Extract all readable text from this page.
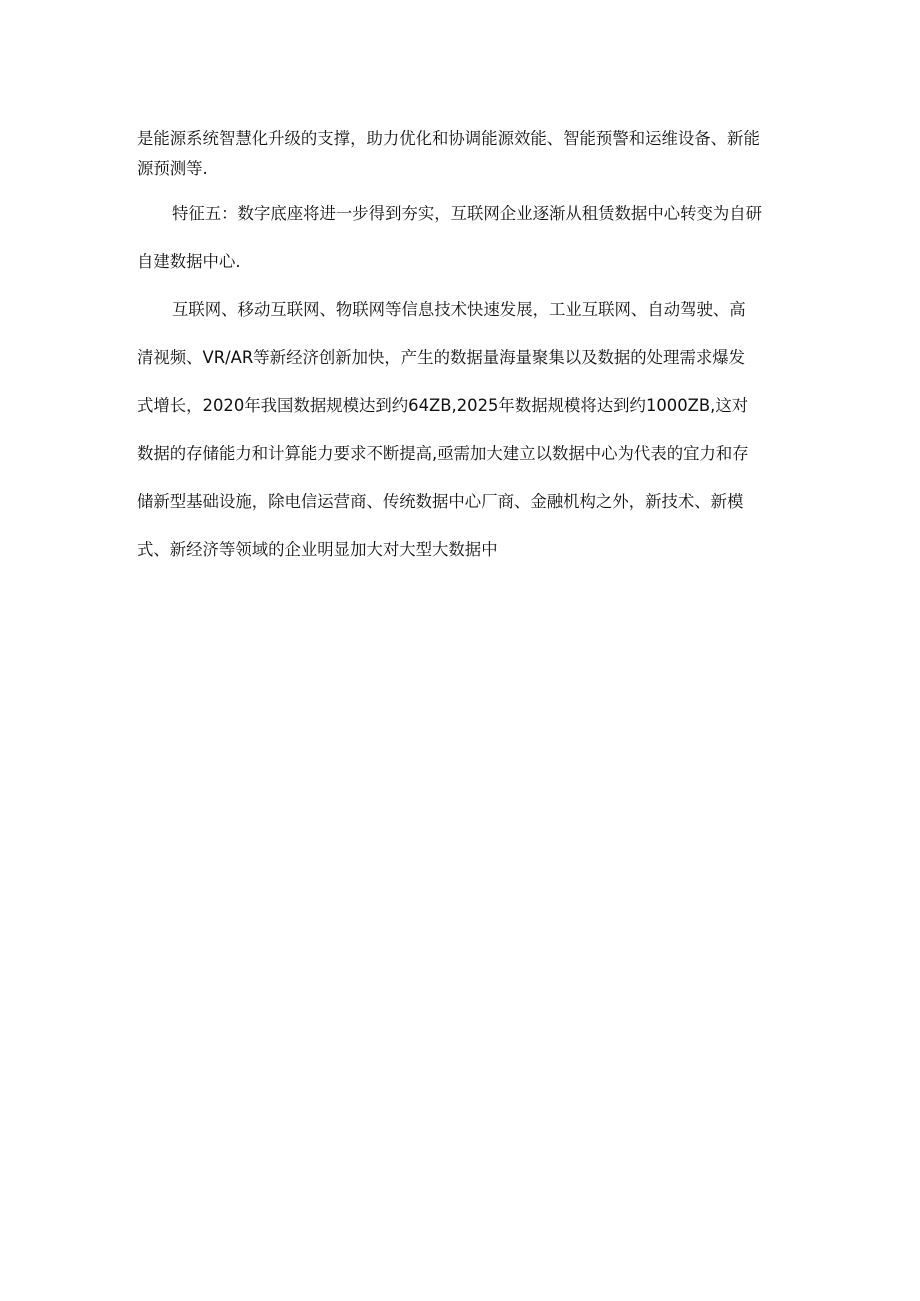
是能源系统智慧化升级的支撑，助力优化和协调能源效能、智能预警和运维设备、新能
源预测等.
特征五：数字底座将进一步得到夯实，互联网企业逐渐从租赁数据中心转变为自研
自建数据中心.
互联网、移动互联网、物联网等信息技术快速发展，工业互联网、自动驾驶、高
清视频、VR/AR等新经济创新加快，产生的数据量海量聚集以及数据的处理需求爆发
式增长，2020年我国数据规模达到约64ZB,2025年数据规模将达到约1000ZB,这对
数据的存储能力和计算能力要求不断提高,亟需加大建立以数据中心为代表的宜力和存
储新型基础设施，除电信运营商、传统数据中心厂商、金融机构之外，新技术、新模
式、新经济等领域的企业明显加大对大型大数据中
